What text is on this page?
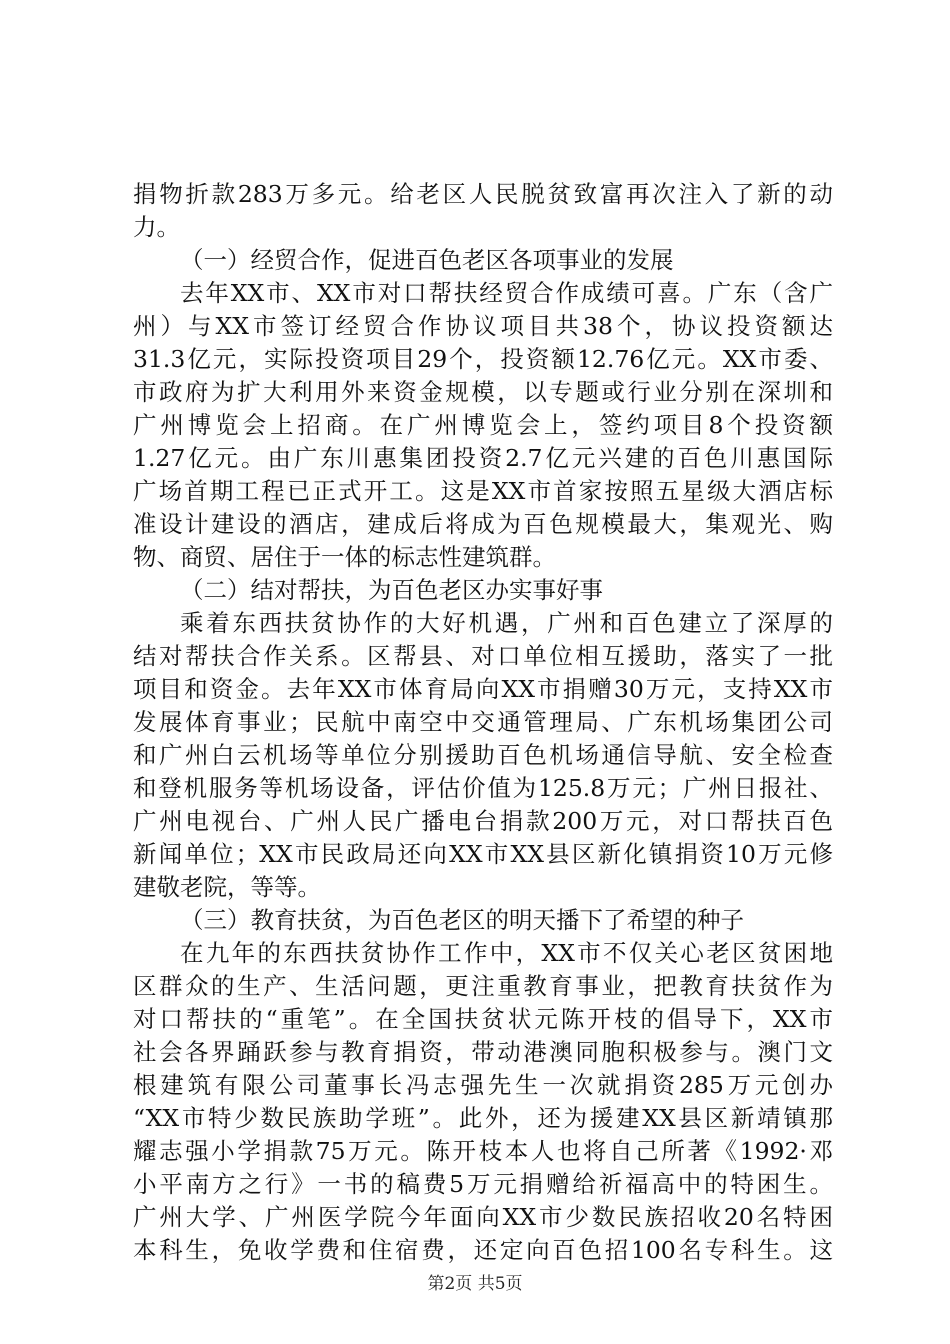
捐物折款283万多元。给老区人民脱贫致富再次注入了新的动
力。
（一）经贸合作，促进百色老区各项事业的发展
去年XX市、XX市对口帮扶经贸合作成绩可喜。广东（含广
州）与XX市签订经贸合作协议项目共38个，协议投资额达
31.3亿元，实际投资项目29个，投资额12.76亿元。XX市委、
市政府为扩大利用外来资金规模，以专题或行业分别在深圳和
广州博览会上招商。在广州博览会上，签约项目8个投资额
1.27亿元。由广东川惠集团投资2.7亿元兴建的百色川惠国际
广场首期工程已正式开工。这是XX市首家按照五星级大酒店标
准设计建设的酒店，建成后将成为百色规模最大，集观光、购
物、商贸、居住于一体的标志性建筑群。
（二）结对帮扶，为百色老区办实事好事
乘着东西扶贫协作的大好机遇，广州和百色建立了深厚的
结对帮扶合作关系。区帮县、对口单位相互援助，落实了一批
项目和资金。去年XX市体育局向XX市捐赠30万元，支持XX市
发展体育事业；民航中南空中交通管理局、广东机场集团公司
和广州白云机场等单位分别援助百色机场通信导航、安全检查
和登机服务等机场设备，评估价值为125.8万元；广州日报社、
广州电视台、广州人民广播电台捐款200万元，对口帮扶百色
新闻单位；XX市民政局还向XX市XX县区新化镇捐资10万元修
建敬老院，等等。
（三）教育扶贫，为百色老区的明天播下了希望的种子
在九年的东西扶贫协作工作中，XX市不仅关心老区贫困地
区群众的生产、生活问题，更注重教育事业，把教育扶贫作为
对口帮扶的“重笔”。在全国扶贫状元陈开枝的倡导下，XX市
社会各界踊跃参与教育捐资，带动港澳同胞积极参与。澳门文
根建筑有限公司董事长冯志强先生一次就捐资285万元创办
“XX市特少数民族助学班”。此外，还为援建XX县区新靖镇那
耀志强小学捐款75万元。陈开枝本人也将自己所著《1992·邓
小平南方之行》一书的稿费5万元捐赠给祈福高中的特困生。
广州大学、广州医学院今年面向XX市少数民族招收20名特困
本科生，免收学费和住宿费，还定向百色招100名专科生。这
第2页 共5页
